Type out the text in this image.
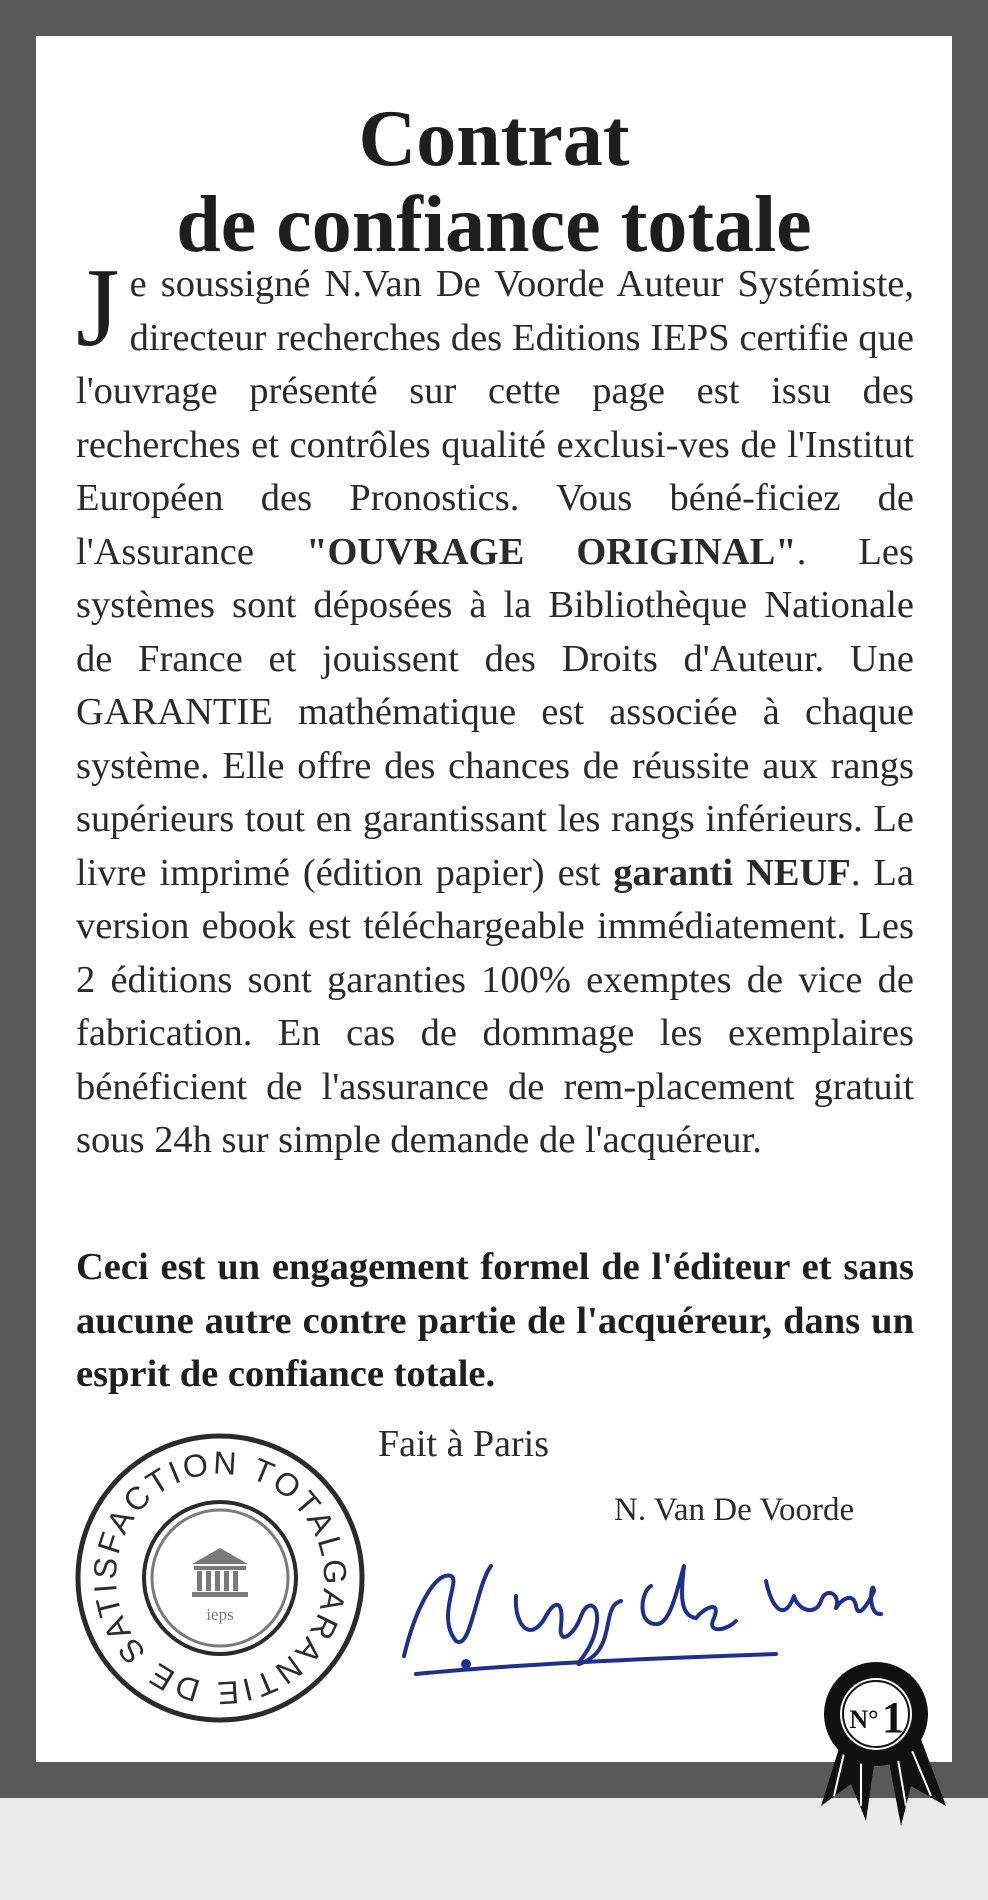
Contrat
de confiance totale

Je soussigné N.Van De Voorde Auteur Systémiste, directeur recherches des Editions IEPS certifie que l'ouvrage présenté sur cette page est issu des recherches et contrôles qualité exclusi-ves de l'Institut Européen des Pronostics. Vous béné-ficiez de l'Assurance "OUVRAGE ORIGINAL". Les systèmes sont déposées à la Bibliothèque Nationale de France et jouissent des Droits d'Auteur. Une GARANTIE mathématique est associée à chaque système. Elle offre des chances de réussite aux rangs supérieurs tout en garantissant les rangs inférieurs. Le livre imprimé (édition papier) est garanti NEUF. La version ebook est téléchargeable immédiatement. Les 2 éditions sont garanties 100% exemptes de vice de fabrication. En cas de dommage les exemplaires bénéficient de l'assurance de rem-placement gratuit sous 24h sur simple demande de l'acquéreur.

Ceci est un engagement formel de l'éditeur et sans aucune autre contre partie de l'acquéreur, dans un esprit de confiance totale.

Fait à Paris
N. Van De Voorde
GARANTIE DE SATISFACTION TOTALE
ieps
N° 1
